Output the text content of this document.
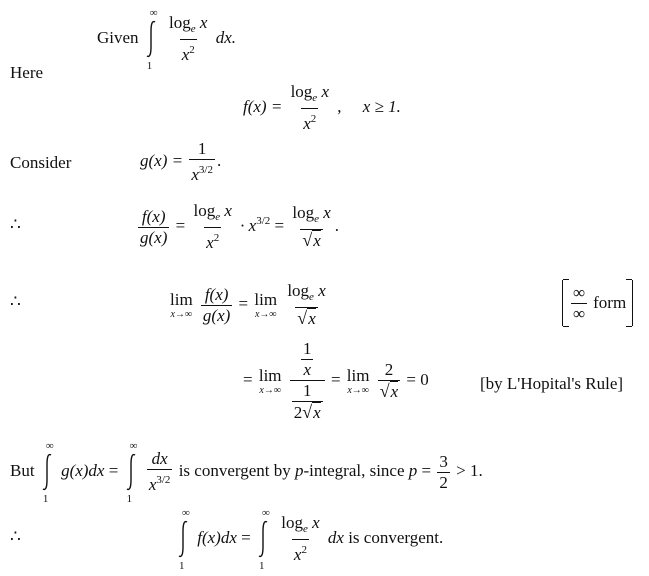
Given
∞
1

$\frac{\log_e x}{x^2}$ dx.
Here
$f(x) = \frac{\log_e x}{x^2}$ ,     x ≥ 1.
Consider	$g(x) = \frac{1}{x^{3/2}}$ .
∴	$\frac{f(x)}{g(x)} = \frac{\log_e x}{x^2} \cdot x^{3/2} = \frac{\log_e x}{√x}$ .
∴	lim
x→∞
$\frac{f(x)}{g(x)} = \lim$
x→∞
$\frac{\log_e x}{√x}$	$\frac{\infty}{\infty}$ form
= lim
x→∞
$\frac{\frac{1}{x}}{\frac{1}{2√x}} = \lim$
x→∞
$\frac{2}{√x} = 0$	[by L'Hopital's Rule]
But
∞
1
g(x)dx =
∞
1

$\frac{dx}{x^{3/2}}$ is convergent by p-integral, since $p = \frac{3}{2} > 1$.
∴
∞
1
f(x)dx =
∞
1

$\frac{\log_e x}{x^2}$ dx is convergent.
